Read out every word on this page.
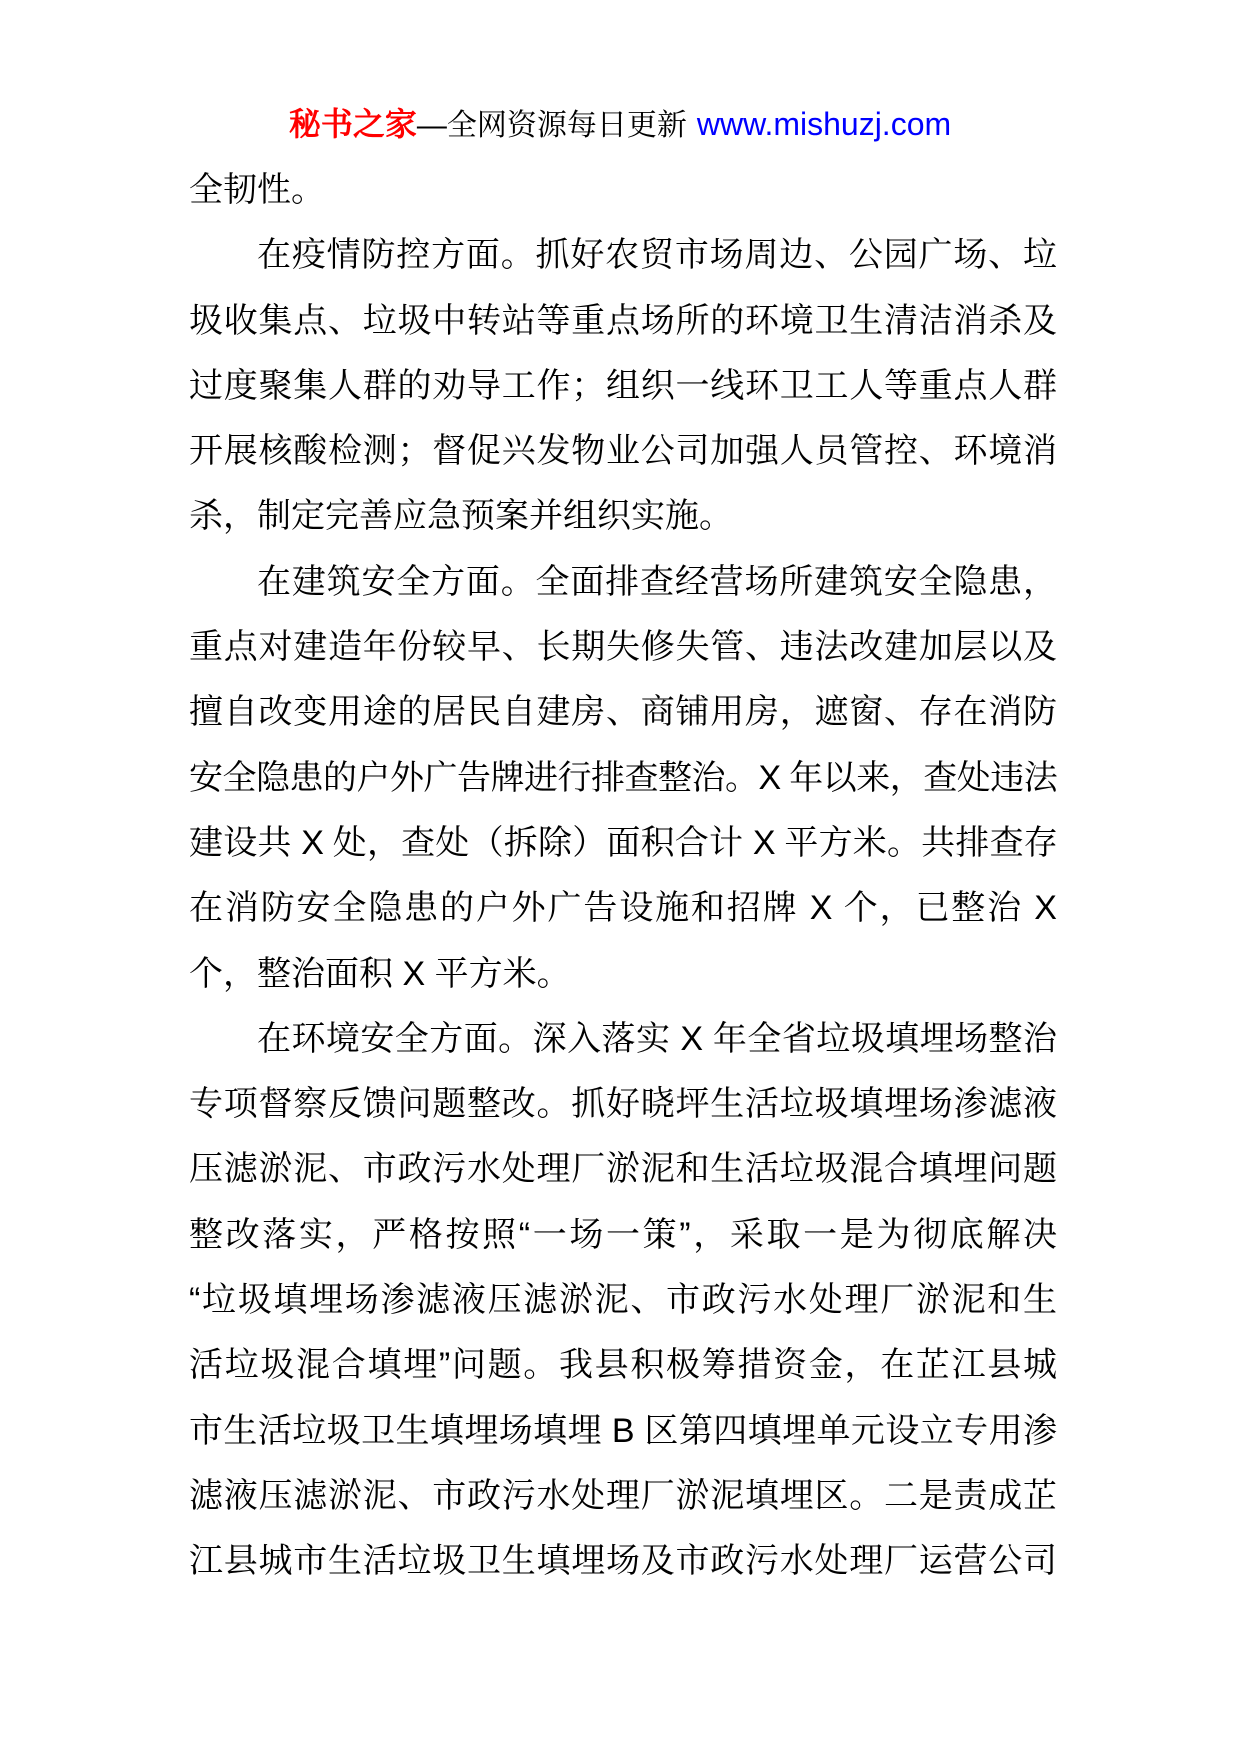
秘书之家—全网资源每日更新 www.mishuzj.com
全韧性。
在疫情防控方面。抓好农贸市场周边、公园广场、垃
圾收集点、垃圾中转站等重点场所的环境卫生清洁消杀及
过度聚集人群的劝导工作；组织一线环卫工人等重点人群
开展核酸检测；督促兴发物业公司加强人员管控、环境消
杀，制定完善应急预案并组织实施。
在建筑安全方面。全面排查经营场所建筑安全隐患，
重点对建造年份较早、长期失修失管、违法改建加层以及
擅自改变用途的居民自建房、商铺用房，遮窗、存在消防
安全隐患的户外广告牌进行排查整治。X 年以来，查处违法
建设共 X 处，查处（拆除）面积合计 X 平方米。共排查存
在消防安全隐患的户外广告设施和招牌 X 个，已整治 X
个，整治面积 X 平方米。
在环境安全方面。深入落实 X 年全省垃圾填埋场整治
专项督察反馈问题整改。抓好晓坪生活垃圾填埋场渗滤液
压滤淤泥、市政污水处理厂淤泥和生活垃圾混合填埋问题
整改落实，严格按照“一场一策”，采取一是为彻底解决
“垃圾填埋场渗滤液压滤淤泥、市政污水处理厂淤泥和生
活垃圾混合填埋”问题。我县积极筹措资金，在芷江县城
市生活垃圾卫生填埋场填埋 B 区第四填埋单元设立专用渗
滤液压滤淤泥、市政污水处理厂淤泥填埋区。二是责成芷
江县城市生活垃圾卫生填埋场及市政污水处理厂运营公司
